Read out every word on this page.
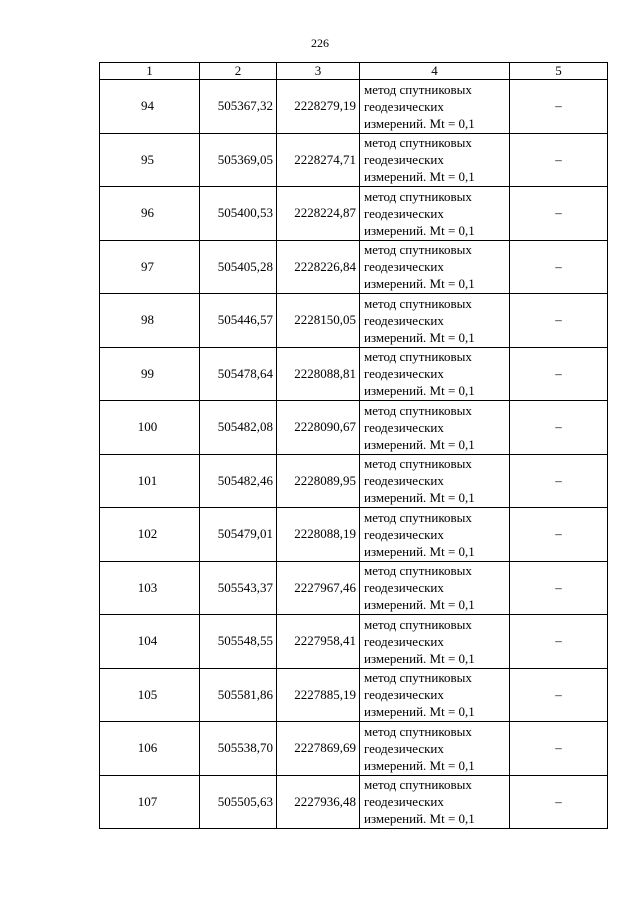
226
1	2	3	4	5
94	505367,32	2228279,19	метод спутниковых
геодезических
измерений. Mt = 0,1	–
95	505369,05	2228274,71	метод спутниковых
геодезических
измерений. Mt = 0,1	–
96	505400,53	2228224,87	метод спутниковых
геодезических
измерений. Mt = 0,1	–
97	505405,28	2228226,84	метод спутниковых
геодезических
измерений. Mt = 0,1	–
98	505446,57	2228150,05	метод спутниковых
геодезических
измерений. Mt = 0,1	–
99	505478,64	2228088,81	метод спутниковых
геодезических
измерений. Mt = 0,1	–
100	505482,08	2228090,67	метод спутниковых
геодезических
измерений. Mt = 0,1	–
101	505482,46	2228089,95	метод спутниковых
геодезических
измерений. Mt = 0,1	–
102	505479,01	2228088,19	метод спутниковых
геодезических
измерений. Mt = 0,1	–
103	505543,37	2227967,46	метод спутниковых
геодезических
измерений. Mt = 0,1	–
104	505548,55	2227958,41	метод спутниковых
геодезических
измерений. Mt = 0,1	–
105	505581,86	2227885,19	метод спутниковых
геодезических
измерений. Mt = 0,1	–
106	505538,70	2227869,69	метод спутниковых
геодезических
измерений. Mt = 0,1	–
107	505505,63	2227936,48	метод спутниковых
геодезических
измерений. Mt = 0,1	–
